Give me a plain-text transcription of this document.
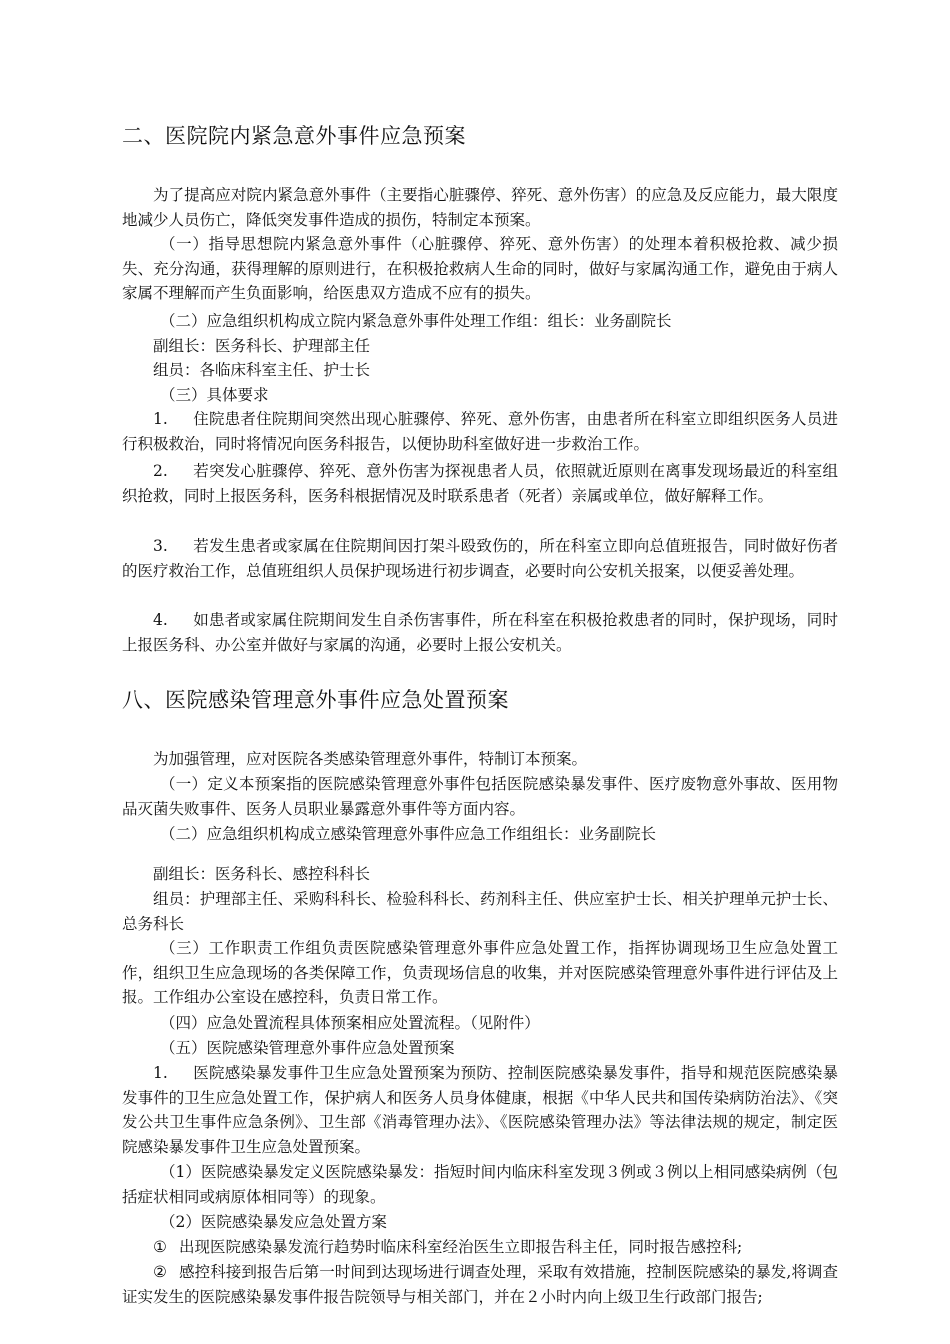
二、医院院内紧急意外事件应急预案
为了提高应对院内紧急意外事件（主要指心脏骤停、猝死、意外伤害）的应急及反应能力，最大限度地减少人员伤亡，降低突发事件造成的损伤，特制定本预案。
（一）指导思想院内紧急意外事件（心脏骤停、猝死、意外伤害）的处理本着积极抢救、减少损失、充分沟通，获得理解的原则进行，在积极抢救病人生命的同时，做好与家属沟通工作，避免由于病人家属不理解而产生负面影响，给医患双方造成不应有的损失。
（二）应急组织机构成立院内紧急意外事件处理工作组：组长：业务副院长
副组长：医务科长、护理部主任
组员：各临床科室主任、护士长
（三）具体要求
1. 住院患者住院期间突然出现心脏骤停、猝死、意外伤害，由患者所在科室立即组织医务人员进行积极救治，同时将情况向医务科报告，以便协助科室做好进一步救治工作。
2. 若突发心脏骤停、猝死、意外伤害为探视患者人员，依照就近原则在离事发现场最近的科室组织抢救，同时上报医务科，医务科根据情况及时联系患者（死者）亲属或单位，做好解释工作。
3. 若发生患者或家属在住院期间因打架斗殴致伤的，所在科室立即向总值班报告，同时做好伤者的医疗救治工作，总值班组织人员保护现场进行初步调查，必要时向公安机关报案，以便妥善处理。
4. 如患者或家属住院期间发生自杀伤害事件，所在科室在积极抢救患者的同时，保护现场，同时上报医务科、办公室并做好与家属的沟通，必要时上报公安机关。
八、医院感染管理意外事件应急处置预案
为加强管理，应对医院各类感染管理意外事件，特制订本预案。
（一）定义本预案指的医院感染管理意外事件包括医院感染暴发事件、医疗废物意外事故、医用物品灭菌失败事件、医务人员职业暴露意外事件等方面内容。
（二）应急组织机构成立感染管理意外事件应急工作组组长：业务副院长
副组长：医务科长、感控科科长
组员：护理部主任、采购科科长、检验科科长、药剂科主任、供应室护士长、相关护理单元护士长、总务科长
（三）工作职责工作组负责医院感染管理意外事件应急处置工作，指挥协调现场卫生应急处置工作，组织卫生应急现场的各类保障工作，负责现场信息的收集，并对医院感染管理意外事件进行评估及上报。工作组办公室设在感控科，负责日常工作。
（四）应急处置流程具体预案相应处置流程。（见附件）
（五）医院感染管理意外事件应急处置预案
1. 医院感染暴发事件卫生应急处置预案为预防、控制医院感染暴发事件，指导和规范医院感染暴发事件的卫生应急处置工作，保护病人和医务人员身体健康，根据《中华人民共和国传染病防治法》、《突发公共卫生事件应急条例》、卫生部《消毒管理办法》、《医院感染管理办法》等法律法规的规定，制定医院感染暴发事件卫生应急处置预案。
（1）医院感染暴发定义医院感染暴发：指短时间内临床科室发现３例或３例以上相同感染病例（包括症状相同或病原体相同等）的现象。
（2）医院感染暴发应急处置方案
① 出现医院感染暴发流行趋势时临床科室经治医生立即报告科主任，同时报告感控科;
② 感控科接到报告后第一时间到达现场进行调查处理，采取有效措施，控制医院感染的暴发,将调查证实发生的医院感染暴发事件报告院领导与相关部门，并在２小时内向上级卫生行政部门报告;
